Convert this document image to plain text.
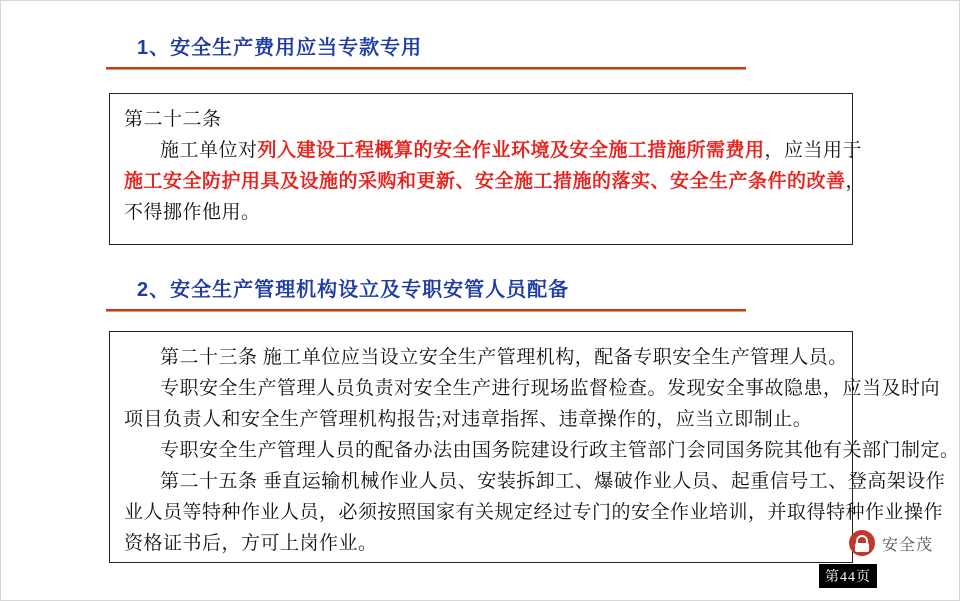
1、安全生产费用应当专款专用
第二十二条
施工单位对列入建设工程概算的安全作业环境及安全施工措施所需费用，应当用于
施工安全防护用具及设施的采购和更新、安全施工措施的落实、安全生产条件的改善，
不得挪作他用。
2、安全生产管理机构设立及专职安管人员配备
第二十三条 施工单位应当设立安全生产管理机构，配备专职安全生产管理人员。
专职安全生产管理人员负责对安全生产进行现场监督检查。发现安全事故隐患，应当及时向
项目负责人和安全生产管理机构报告;对违章指挥、违章操作的，应当立即制止。
专职安全生产管理人员的配备办法由国务院建设行政主管部门会同国务院其他有关部门制定。
第二十五条 垂直运输机械作业人员、安装拆卸工、爆破作业人员、起重信号工、登高架设作
业人员等特种作业人员，必须按照国家有关规定经过专门的安全作业培训，并取得特种作业操作
资格证书后，方可上岗作业。	安全茂
第44页
